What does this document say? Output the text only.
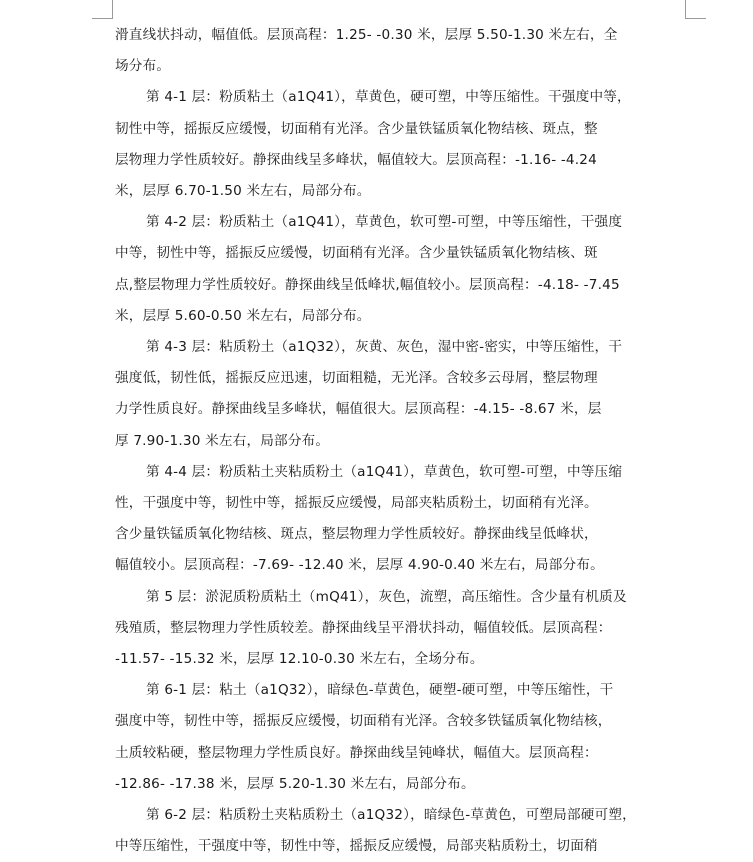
滑直线状抖动，幅值低。层顶高程：1.25- -0.30 米，层厚 5.50-1.30 米左右，全
场分布。

第 4-1 层：粉质粘土（a1Q41），草黄色，硬可塑，中等压缩性。干强度中等，
韧性中等，摇振反应缓慢，切面稍有光泽。含少量铁锰质氧化物结核、斑点，整
层物理力学性质较好。静探曲线呈多峰状，幅值较大。层顶高程：-1.16- -4.24
米，层厚 6.70-1.50 米左右，局部分布。

第 4-2 层：粉质粘土（a1Q41），草黄色，软可塑-可塑，中等压缩性，干强度
中等，韧性中等，摇振反应缓慢，切面稍有光泽。含少量铁锰质氧化物结核、斑
点,整层物理力学性质较好。静探曲线呈低峰状,幅值较小。层顶高程：-4.18- -7.45
米，层厚 5.60-0.50 米左右，局部分布。

第 4-3 层：粘质粉土（a1Q32），灰黄、灰色，湿中密-密实，中等压缩性，干
强度低，韧性低，摇振反应迅速，切面粗糙，无光泽。含较多云母屑，整层物理
力学性质良好。静探曲线呈多峰状，幅值很大。层顶高程：-4.15- -8.67 米，层
厚 7.90-1.30 米左右，局部分布。

第 4-4 层：粉质粘土夹粘质粉土（a1Q41），草黄色，软可塑-可塑，中等压缩
性，干强度中等，韧性中等，摇振反应缓慢，局部夹粘质粉土，切面稍有光泽。
含少量铁锰质氧化物结核、斑点，整层物理力学性质较好。静探曲线呈低峰状，
幅值较小。层顶高程：-7.69- -12.40 米，层厚 4.90-0.40 米左右，局部分布。

第 5 层：淤泥质粉质粘土（mQ41），灰色，流塑，高压缩性。含少量有机质及
残殖质，整层物理力学性质较差。静探曲线呈平滑状抖动，幅值较低。层顶高程：
-11.57- -15.32 米，层厚 12.10-0.30 米左右，全场分布。

第 6-1 层：粘土（a1Q32），暗绿色-草黄色，硬塑-硬可塑，中等压缩性，干
强度中等，韧性中等，摇振反应缓慢，切面稍有光泽。含较多铁锰质氧化物结核，
土质较粘硬，整层物理力学性质良好。静探曲线呈钝峰状，幅值大。层顶高程：
-12.86- -17.38 米，层厚 5.20-1.30 米左右，局部分布。

第 6-2 层：粘质粉土夹粘质粉土（a1Q32），暗绿色-草黄色，可塑局部硬可塑，
中等压缩性，干强度中等，韧性中等，摇振反应缓慢，局部夹粘质粉土，切面稍
